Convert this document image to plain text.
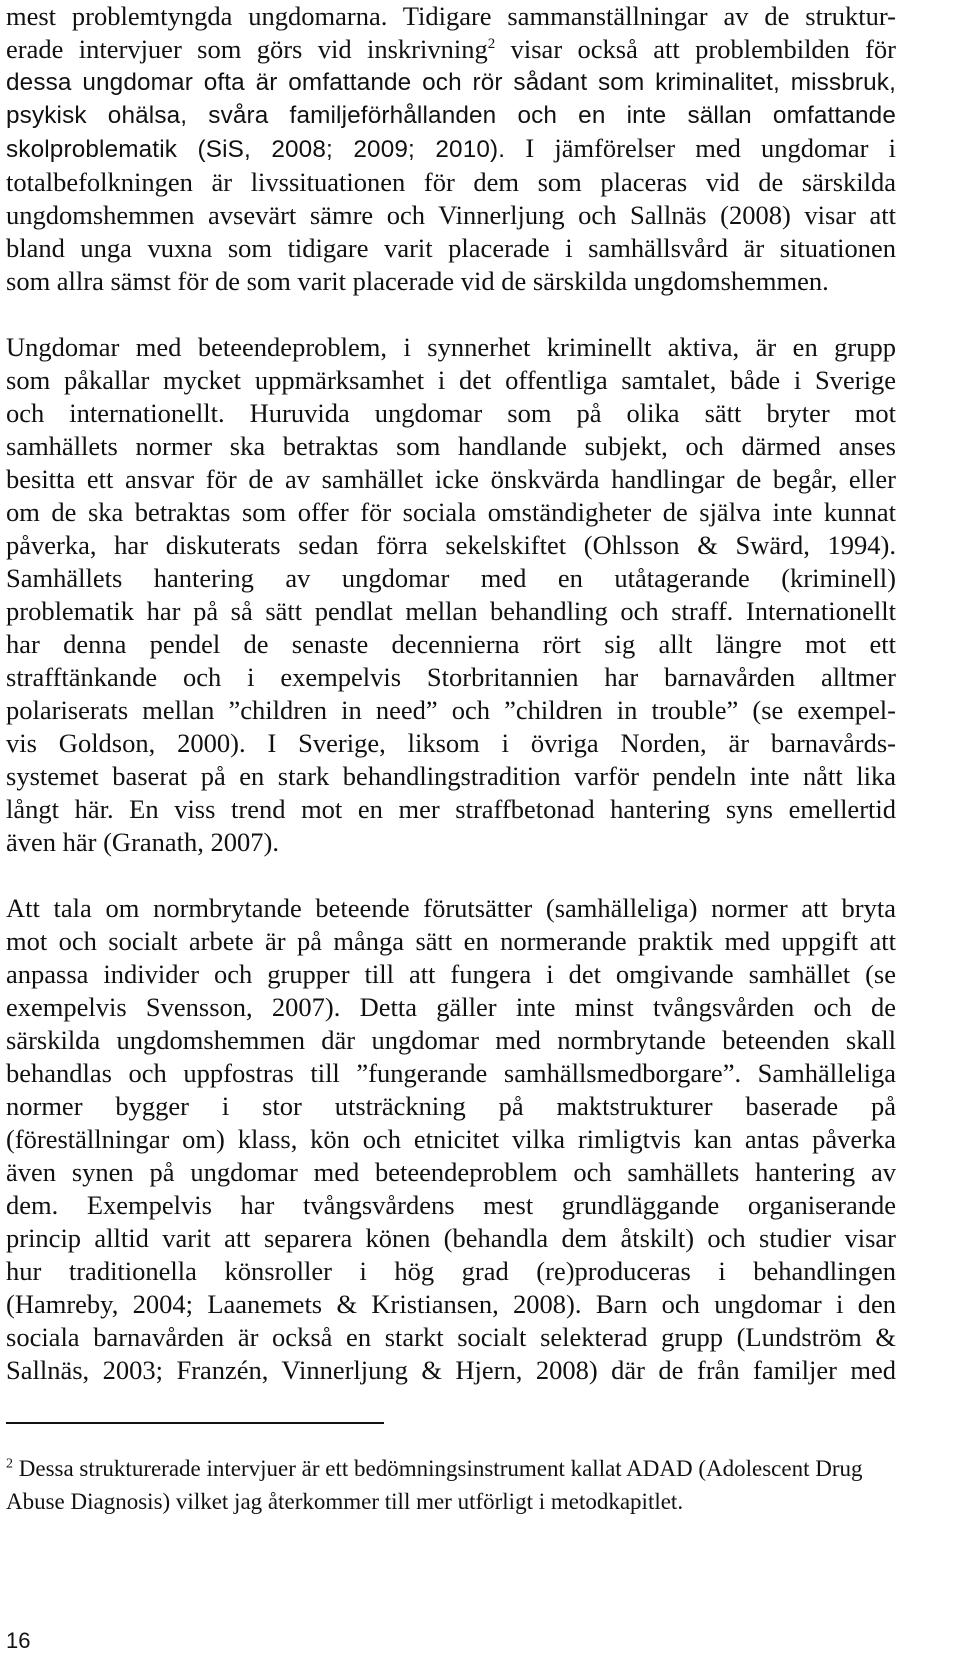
mest problemtyngda ungdomarna. Tidigare sammanställningar av de struktur-
erade intervjuer som görs vid inskrivning$^2$ visar också att problembilden för
dessa ungdomar ofta är omfattande och rör sådant som kriminalitet, missbruk,
psykisk ohälsa, svåra familjeförhållanden och en inte sällan omfattande
skolproblematik (SiS, 2008; 2009; 2010). I jämförelser med ungdomar i
totalbefolkningen är livssituationen för dem som placeras vid de särskilda
ungdomshemmen avsevärt sämre och Vinnerljung och Sallnäs (2008) visar att
bland unga vuxna som tidigare varit placerade i samhällsvård är situationen
som allra sämst för de som varit placerade vid de särskilda ungdomshemmen.
Ungdomar med beteendeproblem, i synnerhet kriminellt aktiva, är en grupp
som påkallar mycket uppmärksamhet i det offentliga samtalet, både i Sverige
och internationellt. Huruvida ungdomar som på olika sätt bryter mot
samhällets normer ska betraktas som handlande subjekt, och därmed anses
besitta ett ansvar för de av samhället icke önskvärda handlingar de begår, eller
om de ska betraktas som offer för sociala omständigheter de själva inte kunnat
påverka, har diskuterats sedan förra sekelskiftet (Ohlsson & Swärd, 1994).
Samhällets hantering av ungdomar med en utåtagerande (kriminell)
problematik har på så sätt pendlat mellan behandling och straff. Internationellt
har denna pendel de senaste decennierna rört sig allt längre mot ett
strafftänkande och i exempelvis Storbritannien har barnavården alltmer
polariserats mellan ”children in need” och ”children in trouble” (se exempel-
vis Goldson, 2000). I Sverige, liksom i övriga Norden, är barnavårds-
systemet baserat på en stark behandlingstradition varför pendeln inte nått lika
långt här. En viss trend mot en mer straffbetonad hantering syns emellertid
även här (Granath, 2007).
Att tala om normbrytande beteende förutsätter (samhälleliga) normer att bryta
mot och socialt arbete är på många sätt en normerande praktik med uppgift att
anpassa individer och grupper till att fungera i det omgivande samhället (se
exempelvis Svensson, 2007). Detta gäller inte minst tvångsvården och de
särskilda ungdomshemmen där ungdomar med normbrytande beteenden skall
behandlas och uppfostras till ”fungerande samhällsmedborgare”. Samhälleliga
normer bygger i stor utsträckning på maktstrukturer baserade på
(föreställningar om) klass, kön och etnicitet vilka rimligtvis kan antas påverka
även synen på ungdomar med beteendeproblem och samhällets hantering av
dem. Exempelvis har tvångsvårdens mest grundläggande organiserande
princip alltid varit att separera könen (behandla dem åtskilt) och studier visar
hur traditionella könsroller i hög grad (re)produceras i behandlingen
(Hamreby, 2004; Laanemets & Kristiansen, 2008). Barn och ungdomar i den
sociala barnavården är också en starkt socialt selekterad grupp (Lundström &
Sallnäs, 2003; Franzén, Vinnerljung & Hjern, 2008) där de från familjer med
$^2$ Dessa strukturerade intervjuer är ett bedömningsinstrument kallat ADAD (Adolescent Drug
Abuse Diagnosis) vilket jag återkommer till mer utförligt i metodkapitlet.
16
